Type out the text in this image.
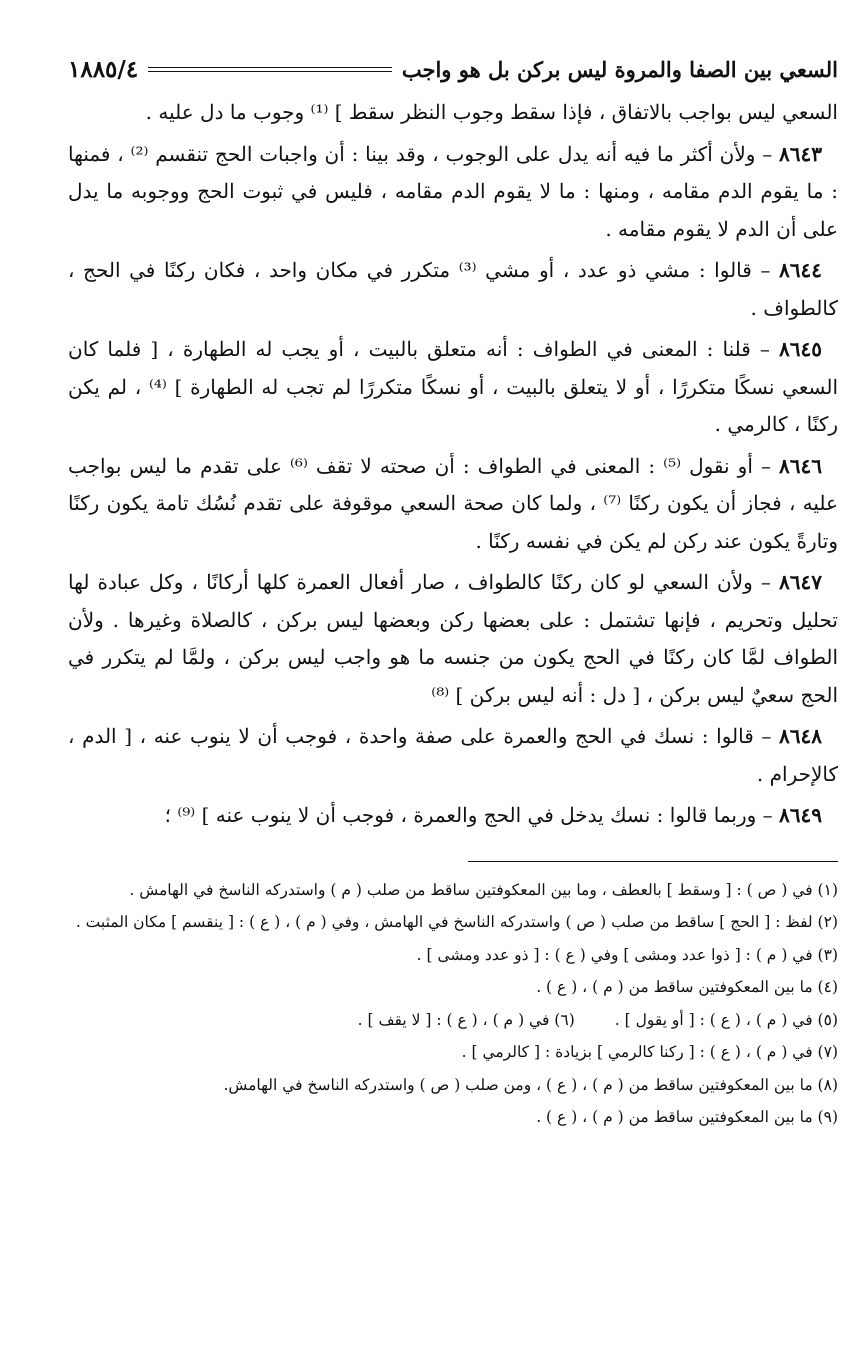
السعي بين الصفا والمروة ليس بركن بل هو واجب
١٨٨٥/٤

السعي ليس بواجب بالاتفاق ، فإذا سقط وجوب النظر سقط ] ⁽¹⁾ وجوب ما دل عليه .

٨٦٤٣ – ولأن أكثر ما فيه أنه يدل على الوجوب ، وقد بينا : أن واجبات الحج تنقسم ⁽²⁾ ، فمنها : ما يقوم الدم مقامه ، ومنها : ما لا يقوم الدم مقامه ، فليس في ثبوت الحج ووجوبه ما يدل على أن الدم لا يقوم مقامه .

٨٦٤٤ – قالوا : مشي ذو عدد ، أو مشي ⁽³⁾ متكرر في مكان واحد ، فكان ركنًا في الحج ، كالطواف .

٨٦٤٥ – قلنا : المعنى في الطواف : أنه متعلق بالبيت ، أو يجب له الطهارة ، [ فلما كان السعي نسكًا متكررًا ، أو لا يتعلق بالبيت ، أو نسكًا متكررًا لم تجب له الطهارة ] ⁽⁴⁾ ، لم يكن ركنًا ، كالرمي .

٨٦٤٦ – أو نقول ⁽⁵⁾ : المعنى في الطواف : أن صحته لا تقف ⁽⁶⁾ على تقدم ما ليس بواجب عليه ، فجاز أن يكون ركنًا ⁽⁷⁾ ، ولما كان صحة السعي موقوفة على تقدم نُسُك تامة يكون ركنًا وتارةً يكون عند ركن لم يكن في نفسه ركنًا .

٨٦٤٧ – ولأن السعي لو كان ركنًا كالطواف ، صار أفعال العمرة كلها أركانًا ، وكل عبادة لها تحليل وتحريم ، فإنها تشتمل : على بعضها ركن وبعضها ليس بركن ، كالصلاة وغيرها . ولأن الطواف لمَّا كان ركنًا في الحج يكون من جنسه ما هو واجب ليس بركن ، ولمَّا لم يتكرر في الحج سعيٌ ليس بركن ، [ دل : أنه ليس بركن ] ⁽⁸⁾

٨٦٤٨ – قالوا : نسك في الحج والعمرة على صفة واحدة ، فوجب أن لا ينوب عنه ، [ الدم ، كالإحرام .

٨٦٤٩ – وربما قالوا : نسك يدخل في الحج والعمرة ، فوجب أن لا ينوب عنه ] ⁽⁹⁾ ؛

(١) في ( ص ) : [ وسقط ] بالعطف ، وما بين المعكوفتين ساقط من صلب ( م ) واستدركه الناسخ في الهامش .

(٢) لفظ : [ الحج ] ساقط من صلب ( ص ) واستدركه الناسخ في الهامش ، وفي ( م ) ، ( ع ) : [ ينقسم ] مكان المثبت .

(٣) في ( م ) : [ ذوا عدد ومشى ] وفي ( ع ) : [ ذو عدد ومشى ] .

(٤) ما بين المعكوفتين ساقط من ( م ) ، ( ع ) .

(٥) في ( م ) ، ( ع ) : [ أو يقول ] .
(٦) في ( م ) ، ( ع ) : [ لا يقف ] .

(٧) في ( م ) ، ( ع ) : [ ركنا كالرمي ] بزيادة : [ كالرمي ] .

(٨) ما بين المعكوفتين ساقط من ( م ) ، ( ع ) ، ومن صلب ( ص ) واستدركه الناسخ في الهامش.

(٩) ما بين المعكوفتين ساقط من ( م ) ، ( ع ) .
